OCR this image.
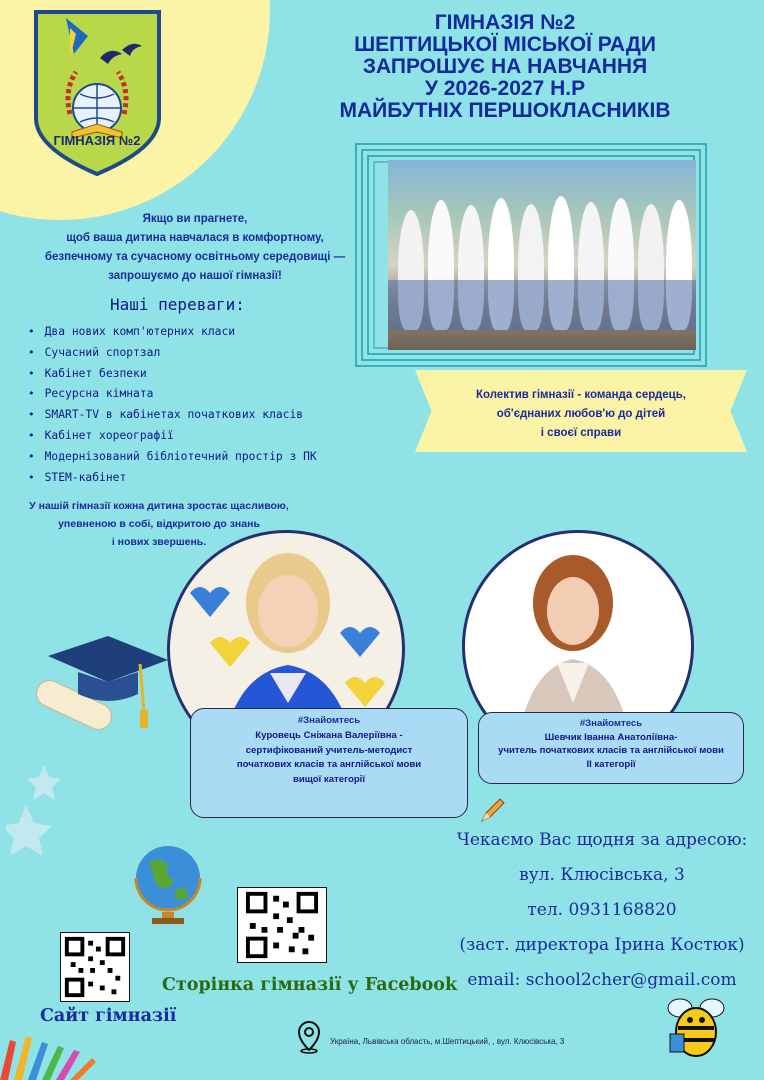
ГІМНАЗІЯ №2
ГІМНАЗІЯ №2
ШЕПТИЦЬКОЇ МІСЬКОЇ РАДИ
ЗАПРОШУЄ НА НАВЧАННЯ
У 2026-2027 Н.Р
МАЙБУТНІХ ПЕРШОКЛАСНИКІВ
Якщо ви прагнете,
щоб ваша дитина навчалася в комфортному,
безпечному та сучасному освітньому середовищі —
запрошуємо до нашої гімназії!
Наші переваги:
• Два нових комп'ютерних класи
• Сучасний спортзал
• Кабінет безпеки
• Ресурсна кімната
• SMART-TV в кабінетах початкових класів
• Кабінет хореографії
• Модернізований бібліотечний простір з ПК
• STEM-кабінет
У нашій гімназії кожна дитина зростає щасливою,
упевненою в собі, відкритою до знань
і нових звершень.
Колектив гімназії - команда сердець,
об'єднаних любов'ю до дітей
і своєї справи
#Знайомтесь
Куровець Сніжана Валеріївна -
сертифікований учитель-методист
початкових класів та англійської мови
вищої категорії
#Знайомтесь
Шевчик Іванна Анатоліївна-
учитель початкових класів та англійської мови
ІІ категорії
Чекаємо Вас щодня за адресою:
вул. Клюсівська, 3
тел. 0931168820
(заст. директора Ірина Костюк)
email: school2cher@gmail.com
Сторінка гімназії у Facebook
Сайт гімназії
Україна, Львівська область, м.Шептицький, , вул. Клюсівська, 3
